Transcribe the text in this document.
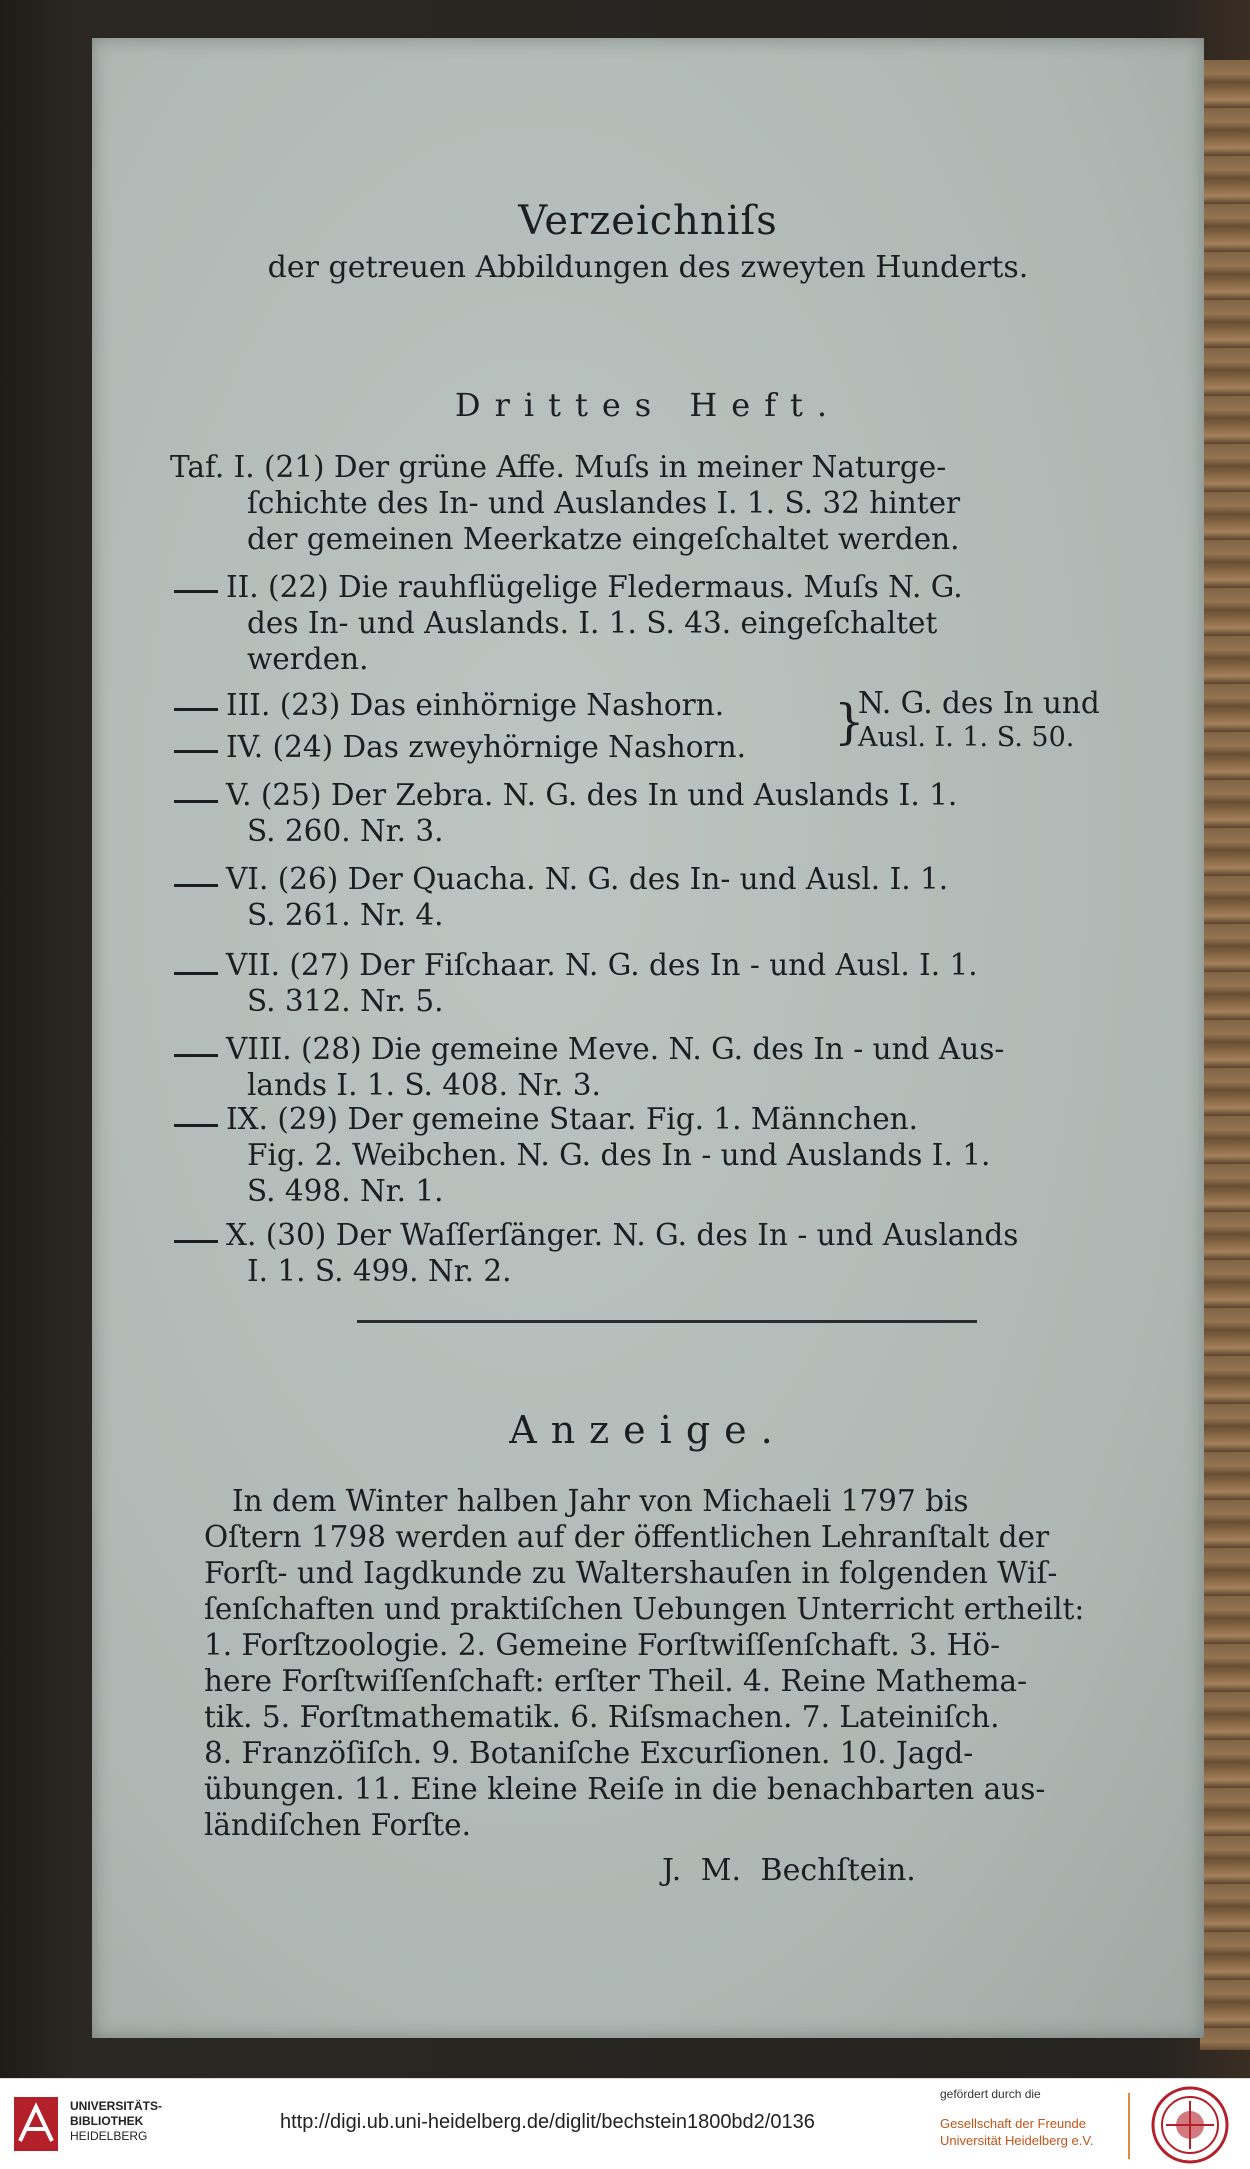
Verzeichniſs
der getreuen Abbildungen des zweyten Hunderts.
Drittes Heft.
Taf. I. (21) Der grüne Affe. Muſs in meiner Naturge-
ſchichte des In- und Auslandes I. 1. S. 32 hinter
der gemeinen Meerkatze eingeſchaltet werden.
II. (22) Die rauhflügelige Fledermaus. Muſs N. G.
des In- und Auslands. I. 1. S. 43. eingeſchaltet
werden.
III. (23) Das einhörnige Nashorn.
IV. (24) Das zweyhörnige Nashorn. }
N. G. des In und
Ausl. I. 1. S. 50.
V. (25) Der Zebra. N. G. des In und Auslands I. 1.
S. 260. Nr. 3.
VI. (26) Der Quacha. N. G. des In- und Ausl. I. 1.
S. 261. Nr. 4.
VII. (27) Der Fiſchaar. N. G. des In - und Ausl. I. 1.
S. 312. Nr. 5.
VIII. (28) Die gemeine Meve. N. G. des In - und Aus-
lands I. 1. S. 408. Nr. 3.
IX. (29) Der gemeine Staar. Fig. 1. Männchen.
Fig. 2. Weibchen. N. G. des In - und Auslands I. 1.
S. 498. Nr. 1.
X. (30) Der Waſſerſänger. N. G. des In - und Auslands
I. 1. S. 499. Nr. 2.
Anzeige.
In dem Winter halben Jahr von Michaeli 1797 bis
Oſtern 1798 werden auf der öffentlichen Lehranſtalt der
Forſt- und Iagdkunde zu Waltershauſen in folgenden Wiſ-
ſenſchaften und praktiſchen Uebungen Unterricht ertheilt:
1. Forſtzoologie. 2. Gemeine Forſtwiſſenſchaft. 3. Hö-
here Forſtwiſſenſchaft: erſter Theil. 4. Reine Mathema-
tik. 5. Forſtmathematik. 6. Riſsmachen. 7. Lateiniſch.
8. Franzöſiſch. 9. Botaniſche Excurſionen. 10. Jagd-
übungen. 11. Eine kleine Reiſe in die benachbarten aus-
ländiſchen Forſte.
J. M. Bechſtein.
UNIVERSITÄTS-
BIBLIOTHEK
HEIDELBERG
http://digi.ub.uni-heidelberg.de/diglit/bechstein1800bd2/0136
gefördert durch die
Gesellschaft der Freunde
Universität Heidelberg e.V.
